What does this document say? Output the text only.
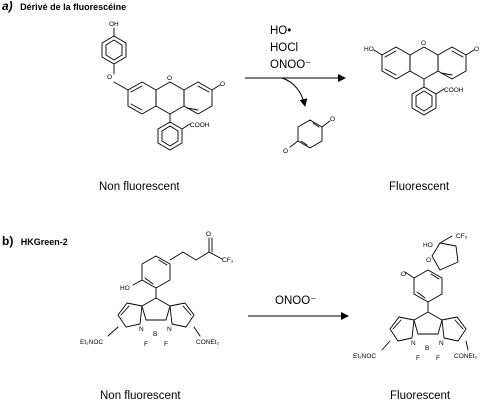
a) Dérivé de la fluorescéine
OH
O	O
O
COOH
HO•
HOCl
ONOO⁻
O
O
HO
O
O
COOH
Non fluorescent	Fluorescent
b) HKGreen-2
O
CF₃
HO
N	N
B
F F
Et₂NOC	CONEt₂
ONOO⁻
HO
CF₃
O
O
N	N
B
F F
Et₂NOC	CONEt₂
Non fluorescent	Fluorescent
